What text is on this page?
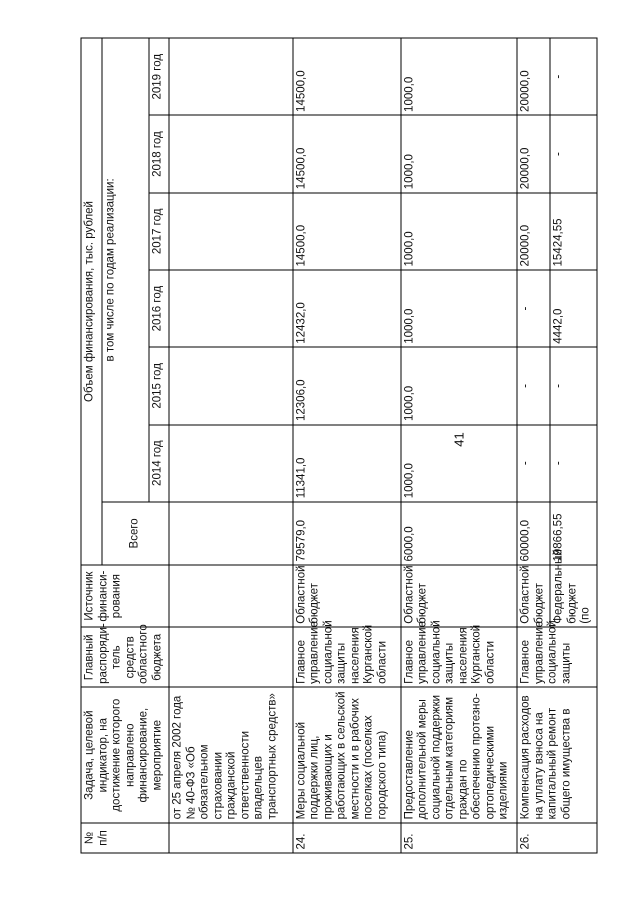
41
№ п/п	Задача, целевой индикатор, на достижение которого направлено финансирование, мероприятие	Главный распоряди-тель средств областного бюджета	Источник финанси-рования	Объем финансирования, тыс. рублей						
				Всего	в том числе по годам реализации:					
					2014 год	2015 год	2016 год	2017 год	2018 год	2019 год
	от 25 апреля 2002 года № 40-ФЗ «Об обязательном страховании гражданской ответственности владельцев транспортных средств»									
24.	Меры социальной поддержки лиц, проживающих и работающих в сельской местности и в рабочих поселках (поселках городского типа)	Главное управление социальной защиты населения Курганской области	Областной бюджет	79579,0	11341,0	12306,0	12432,0	14500,0	14500,0	14500,0
25.	Предоставление дополнительной меры социальной поддержки отдельным категориям граждан по обеспечению протезно-ортопедическими изделиями	Главное управление социальной защиты населения Курганской области	Областной бюджет	6000,0	1000,0	1000,0	1000,0	1000,0	1000,0	1000,0
26.	Компенсация расходов на уплату взноса на капитальный ремонт общего имущества в	Главное управление социальной защиты	Областной бюджет	60000,0	-	-	-	20000,0	20000,0	20000,0
			Федеральный бюджет (по	19866,55	-	-	4442,0	15424,55	-	-
